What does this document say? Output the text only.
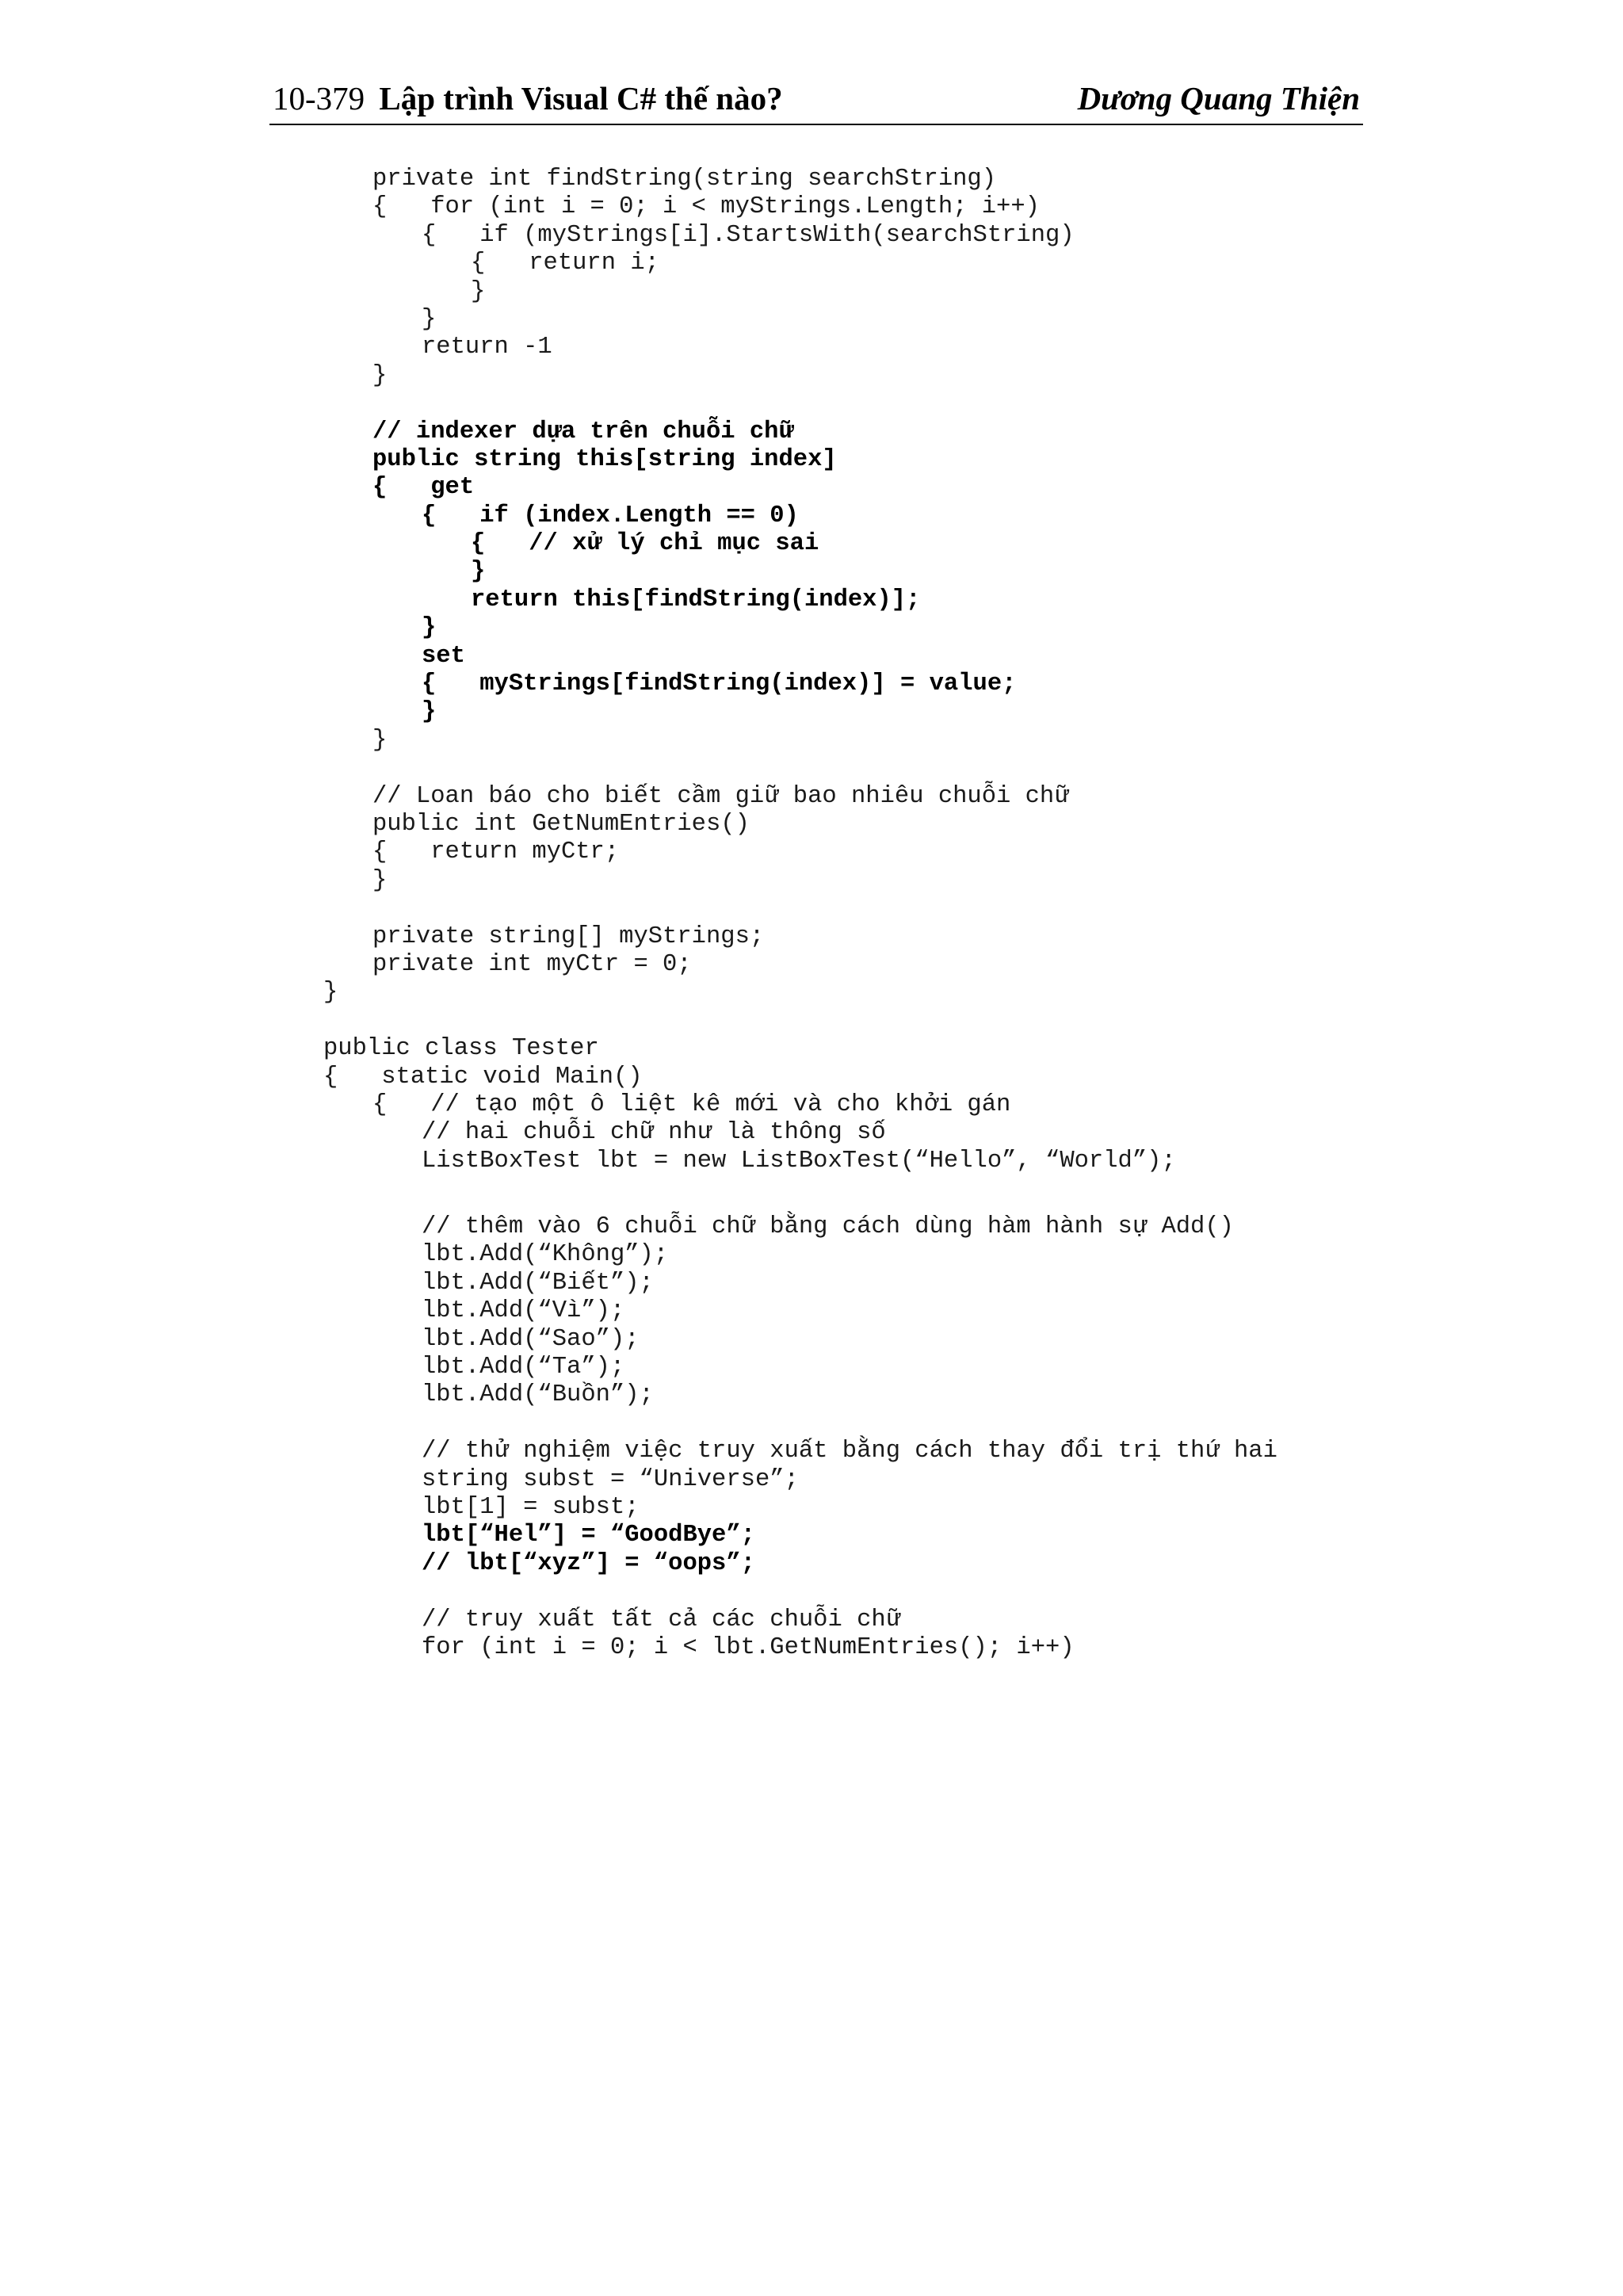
10-379 Lập trình Visual C# thế nào?	Dương Quang Thiện
private int findString(string searchString)
{   for (int i = 0; i < myStrings.Length; i++)
{   if (myStrings[i].StartsWith(searchString)
{   return i;
}
}
return -1
}
// indexer dựa trên chuỗi chữ
public string this[string index]
{   get
{   if (index.Length == 0)
{   // xử lý chỉ mục sai
}
return this[findString(index)];
}
set
{   myStrings[findString(index)] = value;
}
}
// Loan báo cho biết cầm giữ bao nhiêu chuỗi chữ
public int GetNumEntries()
{   return myCtr;
}
private string[] myStrings;
private int myCtr = 0;
}
public class Tester
{   static void Main()
{   // tạo một ô liệt kê mới và cho khởi gán
// hai chuỗi chữ như là thông số
ListBoxTest lbt = new ListBoxTest(“Hello”, “World”);
// thêm vào 6 chuỗi chữ bằng cách dùng hàm hành sự Add()
lbt.Add(“Không”);
lbt.Add(“Biết”);
lbt.Add(“Vì”);
lbt.Add(“Sao”);
lbt.Add(“Ta”);
lbt.Add(“Buồn”);
// thử nghiệm việc truy xuất bằng cách thay đổi trị thứ hai
string subst = “Universe”;
lbt[1] = subst;
lbt[“Hel”] = “GoodBye”;
// lbt[“xyz”] = “oops”;
// truy xuất tất cả các chuỗi chữ
for (int i = 0; i < lbt.GetNumEntries(); i++)
